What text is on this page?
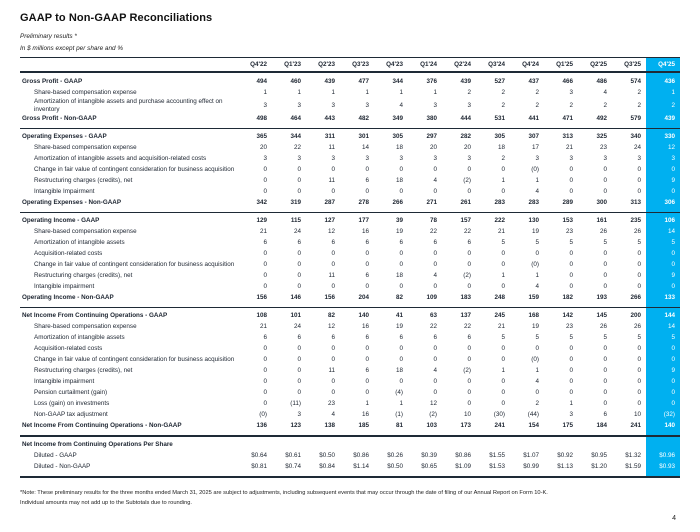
GAAP to Non-GAAP Reconciliations
Preliminary results *
In $ millions except per share and %
	Q4'22	Q1'23	Q2'23	Q3'23	Q4'23	Q1'24	Q2'24	Q3'24	Q4'24	Q1'25	Q2'25	Q3'25	Q4'25

Gross Profit - GAAP	494	460	439	477	344	376	439	527	437	466	486	574	436
Share-based compensation expense	1	1	1	1	1	1	2	2	2	3	4	2	1
Amortization of intangible assets and purchase accounting effect on inventory	3	3	3	3	4	3	3	2	2	2	2	2	2
Gross Profit - Non-GAAP	498	464	443	482	349	380	444	531	441	471	492	579	439

Operating Expenses - GAAP	365	344	311	301	305	297	282	305	307	313	325	340	330
Share-based compensation expense	20	22	11	14	18	20	20	18	17	21	23	24	12
Amortization of intangible assets and acquisition-related costs	3	3	3	3	3	3	3	2	3	3	3	3	3
Change in fair value of contingent consideration for business acquisition	0	0	0	0	0	0	0	0	(0)	0	0	0	0
Restructuring charges (credits), net	0	0	11	6	18	4	(2)	1	1	0	0	0	9
Intangible Impairment	0	0	0	0	0	0	0	0	4	0	0	0	0
Operating Expenses - Non-GAAP	342	319	287	278	266	271	261	283	283	289	300	313	306

Operating Income - GAAP	129	115	127	177	39	78	157	222	130	153	161	235	106
Share-based compensation expense	21	24	12	16	19	22	22	21	19	23	26	26	14
Amortization of intangible assets	6	6	6	6	6	6	6	5	5	5	5	5	5
Acquisition-related costs	0	0	0	0	0	0	0	0	0	0	0	0	0
Change in fair value of contingent consideration for business acquisition	0	0	0	0	0	0	0	0	(0)	0	0	0	0
Restructuring charges (credits), net	0	0	11	6	18	4	(2)	1	1	0	0	0	9
Intangible impairment	0	0	0	0	0	0	0	0	4	0	0	0	0
Operating Income - Non-GAAP	156	146	156	204	82	109	183	248	159	182	193	266	133

Net Income From Continuing Operations - GAAP	108	101	82	140	41	63	137	245	168	142	145	200	144
Share-based compensation expense	21	24	12	16	19	22	22	21	19	23	26	26	14
Amortization of intangible assets	6	6	6	6	6	6	6	5	5	5	5	5	5
Acquisition-related costs	0	0	0	0	0	0	0	0	0	0	0	0	0
Change in fair value of contingent consideration for business acquisition	0	0	0	0	0	0	0	0	(0)	0	0	0	0
Restructuring charges (credits), net	0	0	11	6	18	4	(2)	1	1	0	0	0	9
Intangible impairment	0	0	0	0	0	0	0	0	4	0	0	0	0
Pension curtailment (gain)	0	0	0	0	(4)	0	0	0	0	0	0	0	0
Loss (gain) on investments	0	(11)	23	1	1	12	0	0	2	1	0	0	0
Non-GAAP tax adjustment	(0)	3	4	16	(1)	(2)	10	(30)	(44)	3	6	10	(32)
Net Income From Continuing Operations - Non-GAAP	136	123	138	185	81	103	173	241	154	175	184	241	140

Net Income from Continuing Operations Per Share													
Diluted - GAAP	$0.64	$0.61	$0.50	$0.86	$0.26	$0.39	$0.86	$1.55	$1.07	$0.92	$0.95	$1.32	$0.96
Diluted - Non-GAAP	$0.81	$0.74	$0.84	$1.14	$0.50	$0.65	$1.09	$1.53	$0.99	$1.13	$1.20	$1.59	$0.93

*Note: These preliminary results for the three months ended March 31, 2025 are subject to adjustments, including subsequent events that may occur through the date of filing of our Annual Report on Form 10-K.
Individual amounts may not add up to the Subtotals due to rounding.
4
